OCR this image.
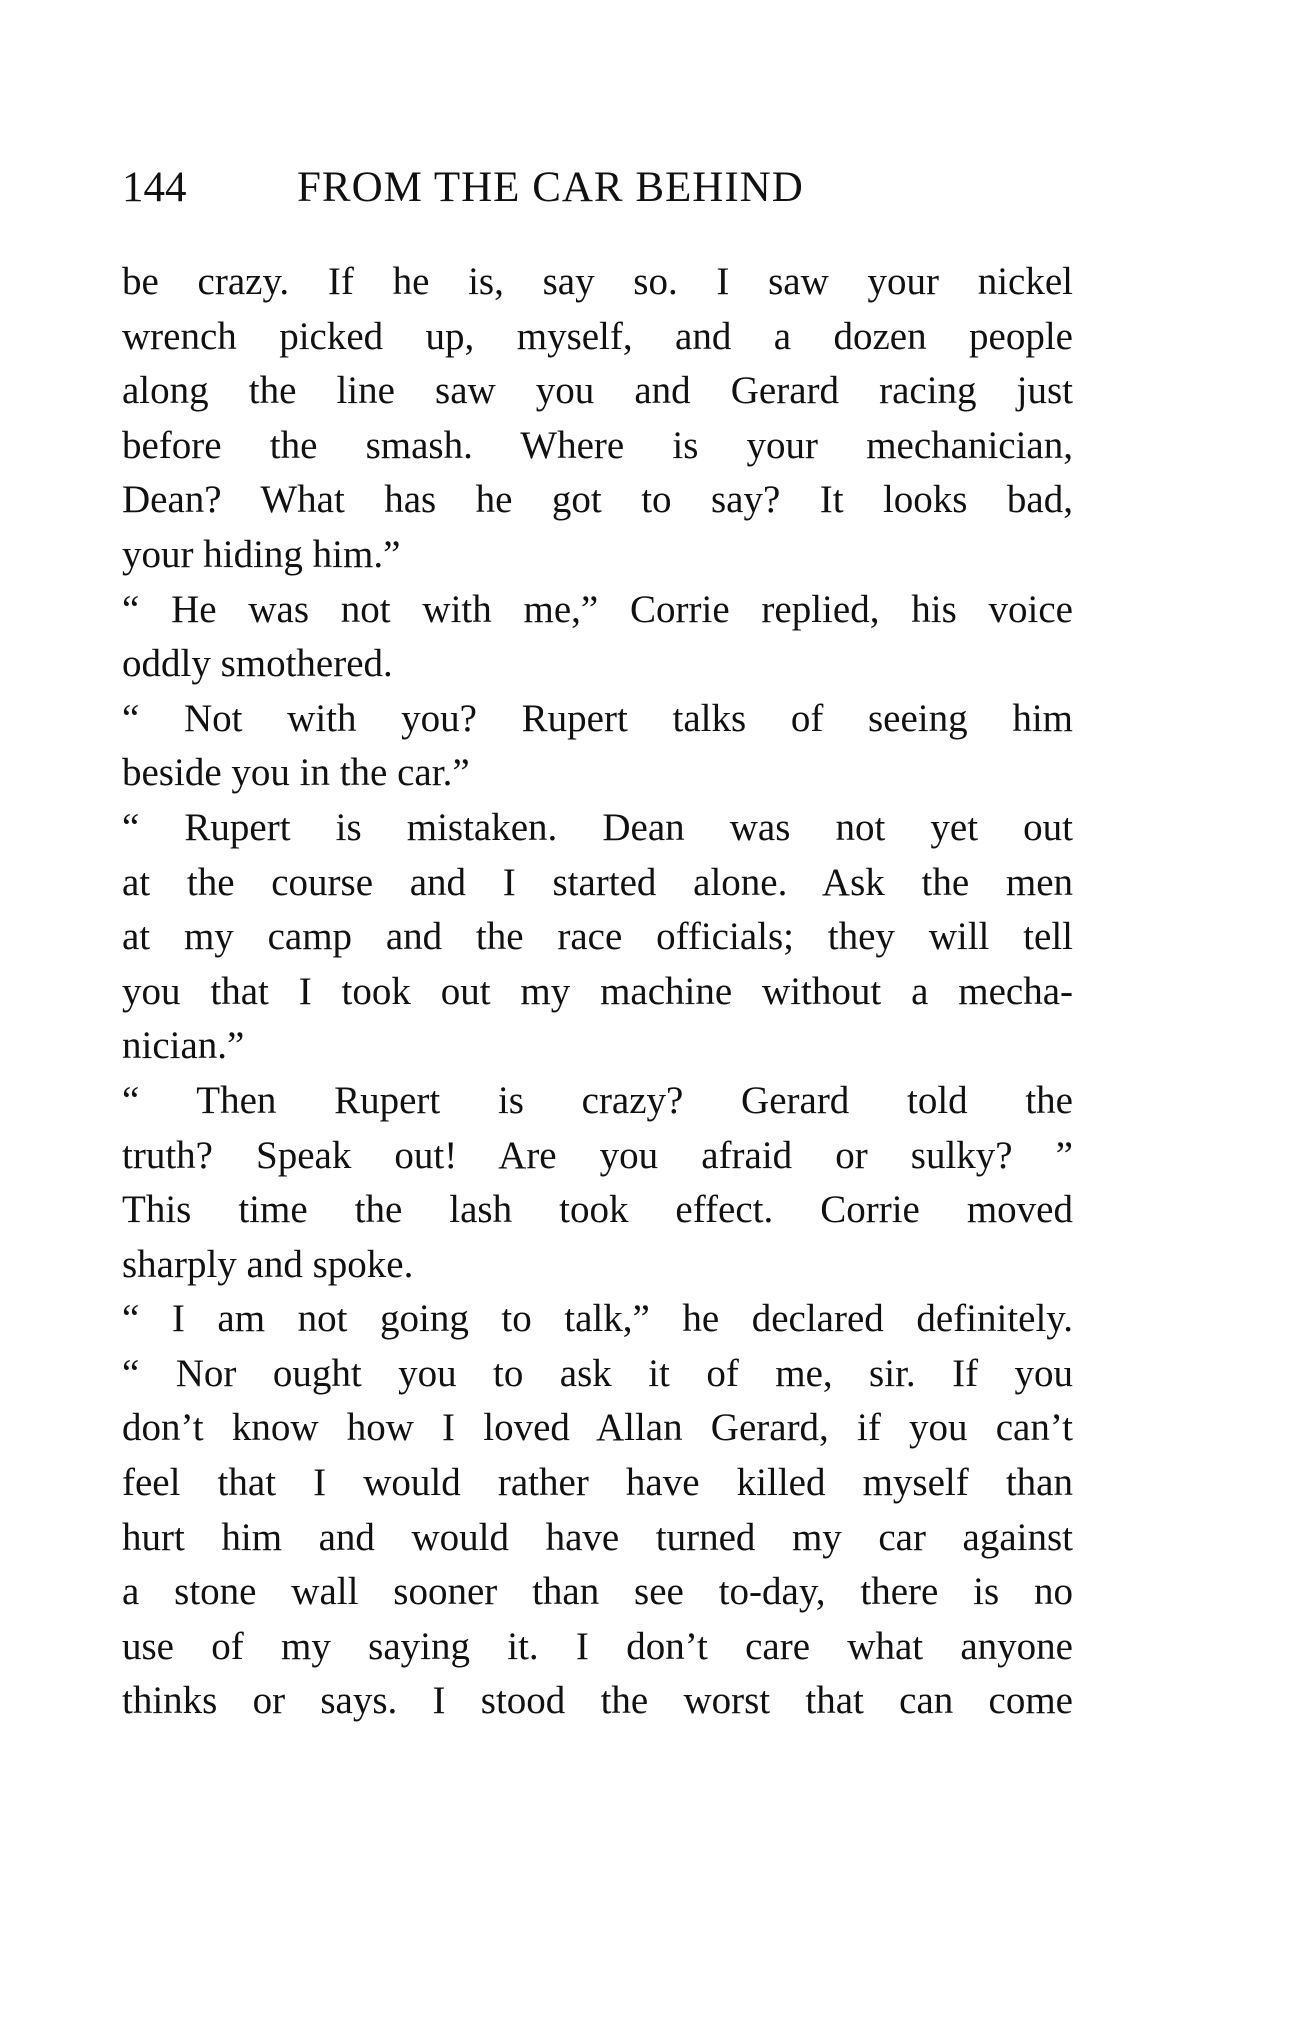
144	FROM THE CAR BEHIND
be crazy. If he is, say so. I saw your nickel
wrench picked up, myself, and a dozen people
along the line saw you and Gerard racing just
before the smash. Where is your mechanician,
Dean? What has he got to say? It looks bad,
your hiding him.”
“ He was not with me,” Corrie replied, his voice
oddly smothered.
“ Not with you? Rupert talks of seeing him
beside you in the car.”
“ Rupert is mistaken. Dean was not yet out
at the course and I started alone. Ask the men
at my camp and the race officials; they will tell
you that I took out my machine without a mecha-
nician.”
“ Then Rupert is crazy? Gerard told the
truth? Speak out! Are you afraid or sulky? ”
This time the lash took effect. Corrie moved
sharply and spoke.
“ I am not going to talk,” he declared definitely.
“ Nor ought you to ask it of me, sir. If you
don’t know how I loved Allan Gerard, if you can’t
feel that I would rather have killed myself than
hurt him and would have turned my car against
a stone wall sooner than see to-day, there is no
use of my saying it. I don’t care what anyone
thinks or says. I stood the worst that can come
